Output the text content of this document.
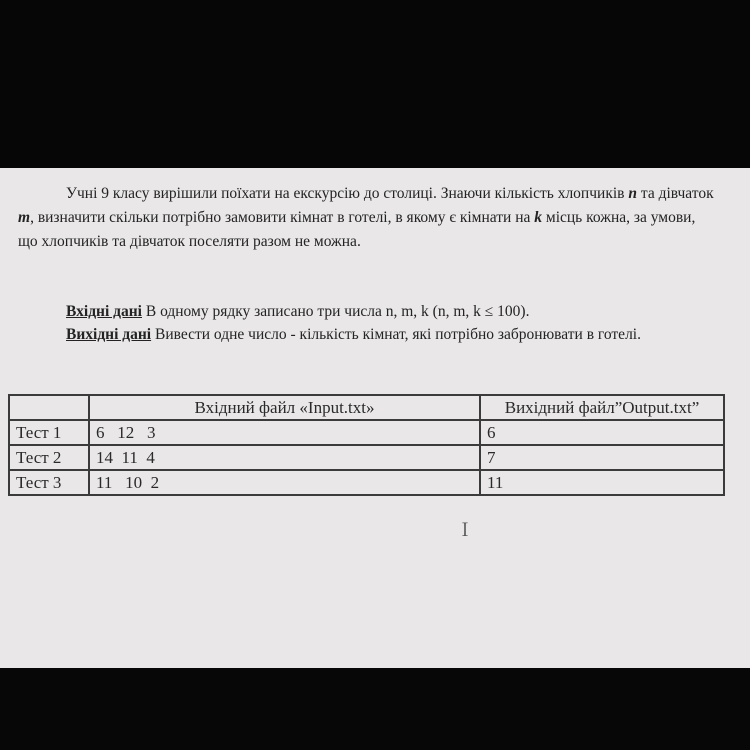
Учні 9 класу вирішили поїхати на екскурсію до столиці. Знаючи кількість хлопчиків n та дівчаток m, визначити скільки потрібно замовити кімнат в готелі, в якому є кімнати на k місць кожна, за умови, що хлопчиків та дівчаток поселяти разом не можна.

Вхідні дані В одному рядку записано три числа n, m, k (n, m, k ≤ 100).
Вихідні дані Вивести одне число - кількість кімнат, які потрібно забронювати в готелі.
	Вхідний файл «Input.txt»	Вихідний файл”Output.txt”
Тест 1	6   12   3	6
Тест 2	14  11  4	7
Тест 3	11   10  2	11
Ｉ
